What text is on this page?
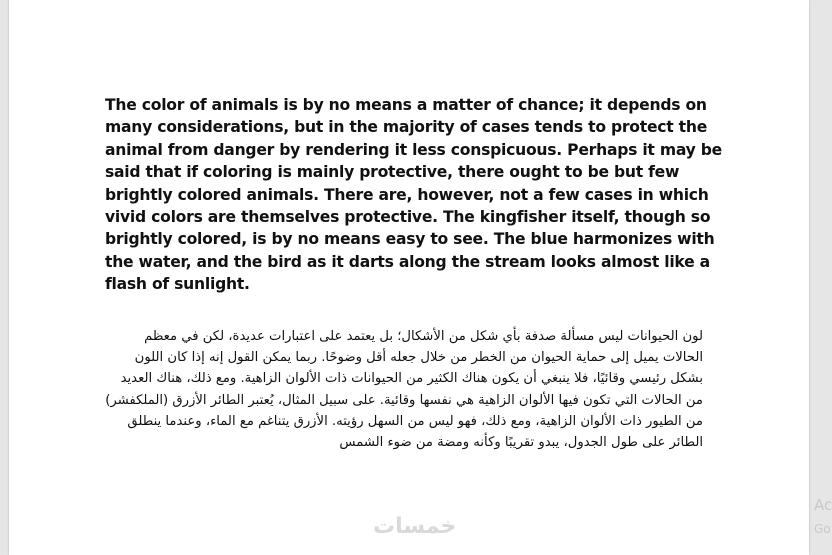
The color of animals is by no means a matter of chance; it depends on many considerations, but in the majority of cases tends to protect the animal from danger by rendering it less conspicuous. Perhaps it may be said that if coloring is mainly protective, there ought to be but few brightly colored animals. There are, however, not a few cases in which vivid colors are themselves protective. The kingfisher itself, though so brightly colored, is by no means easy to see. The blue harmonizes with the water, and the bird as it darts along the stream looks almost like a flash of sunlight.

لون الحيوانات ليس مسألة صدفة بأي شكل من الأشكال؛ بل يعتمد على اعتبارات عديدة، لكن في معظم الحالات يميل إلى حماية الحيوان من الخطر من خلال جعله أقل وضوحًا. ربما يمكن القول إنه إذا كان اللون بشكل رئيسي وقائيًا، فلا ينبغي أن يكون هناك الكثير من الحيوانات ذات الألوان الزاهية. ومع ذلك، هناك العديد من الحالات التي تكون فيها الألوان الزاهية هي نفسها وقائية. على سبيل المثال، يُعتبر الطائر الأزرق (الملكفشر) من الطيور ذات الألوان الزاهية، ومع ذلك، فهو ليس من السهل رؤيته. الأزرق يتناغم مع الماء، وعندما ينطلق الطائر على طول الجدول، يبدو تقريبًا وكأنه ومضة من ضوء الشمس

خمسات
Ac
Go
